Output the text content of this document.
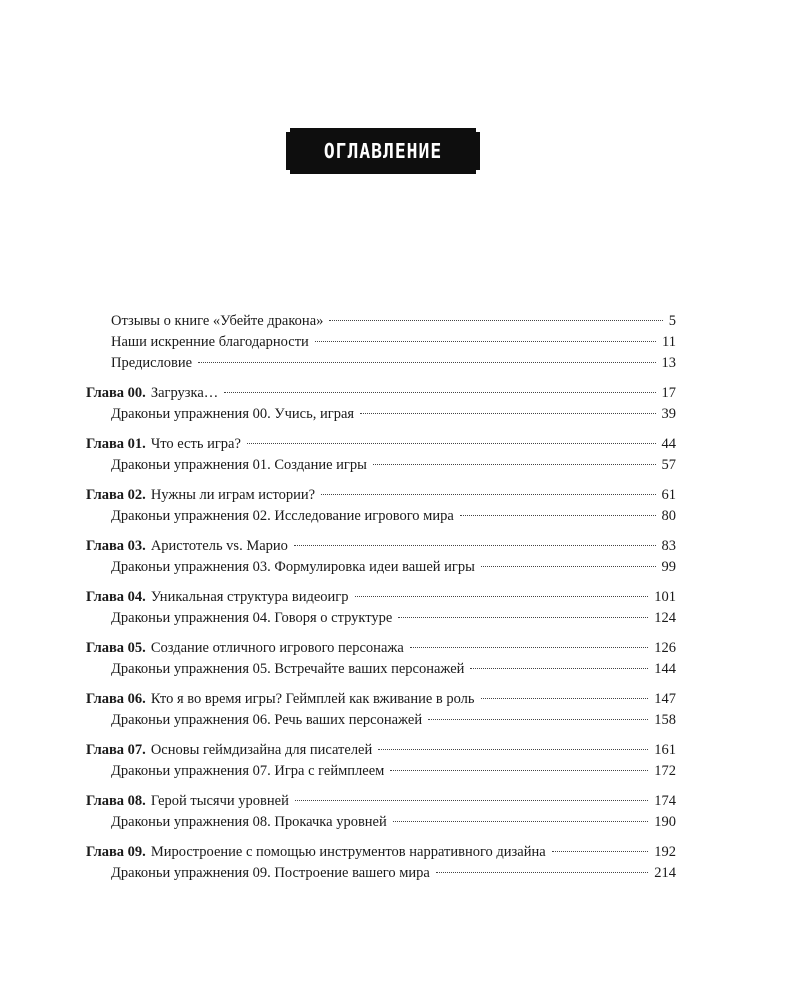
ОГЛАВЛЕНИЕ
Отзывы о книге «Убейте дракона»	5
Наши искренние благодарности	11
Предисловие	13
Глава 00. Загрузка…	17
Драконьи упражнения 00. Учись, играя	39
Глава 01. Что есть игра?	44
Драконьи упражнения 01. Создание игры	57
Глава 02. Нужны ли играм истории?	61
Драконьи упражнения 02. Исследование игрового мира	80
Глава 03. Аристотель vs. Марио	83
Драконьи упражнения 03. Формулировка идеи вашей игры	99
Глава 04. Уникальная структура видеоигр	101
Драконьи упражнения 04. Говоря о структуре	124
Глава 05. Создание отличного игрового персонажа	126
Драконьи упражнения 05. Встречайте ваших персонажей	144
Глава 06. Кто я во время игры? Геймплей как вживание в роль	147
Драконьи упражнения 06. Речь ваших персонажей	158
Глава 07. Основы геймдизайна для писателей	161
Драконьи упражнения 07. Игра с геймплеем	172
Глава 08. Герой тысячи уровней	174
Драконьи упражнения 08. Прокачка уровней	190
Глава 09. Миростроение с помощью инструментов нарративного дизайна	192
Драконьи упражнения 09. Построение вашего мира	214
